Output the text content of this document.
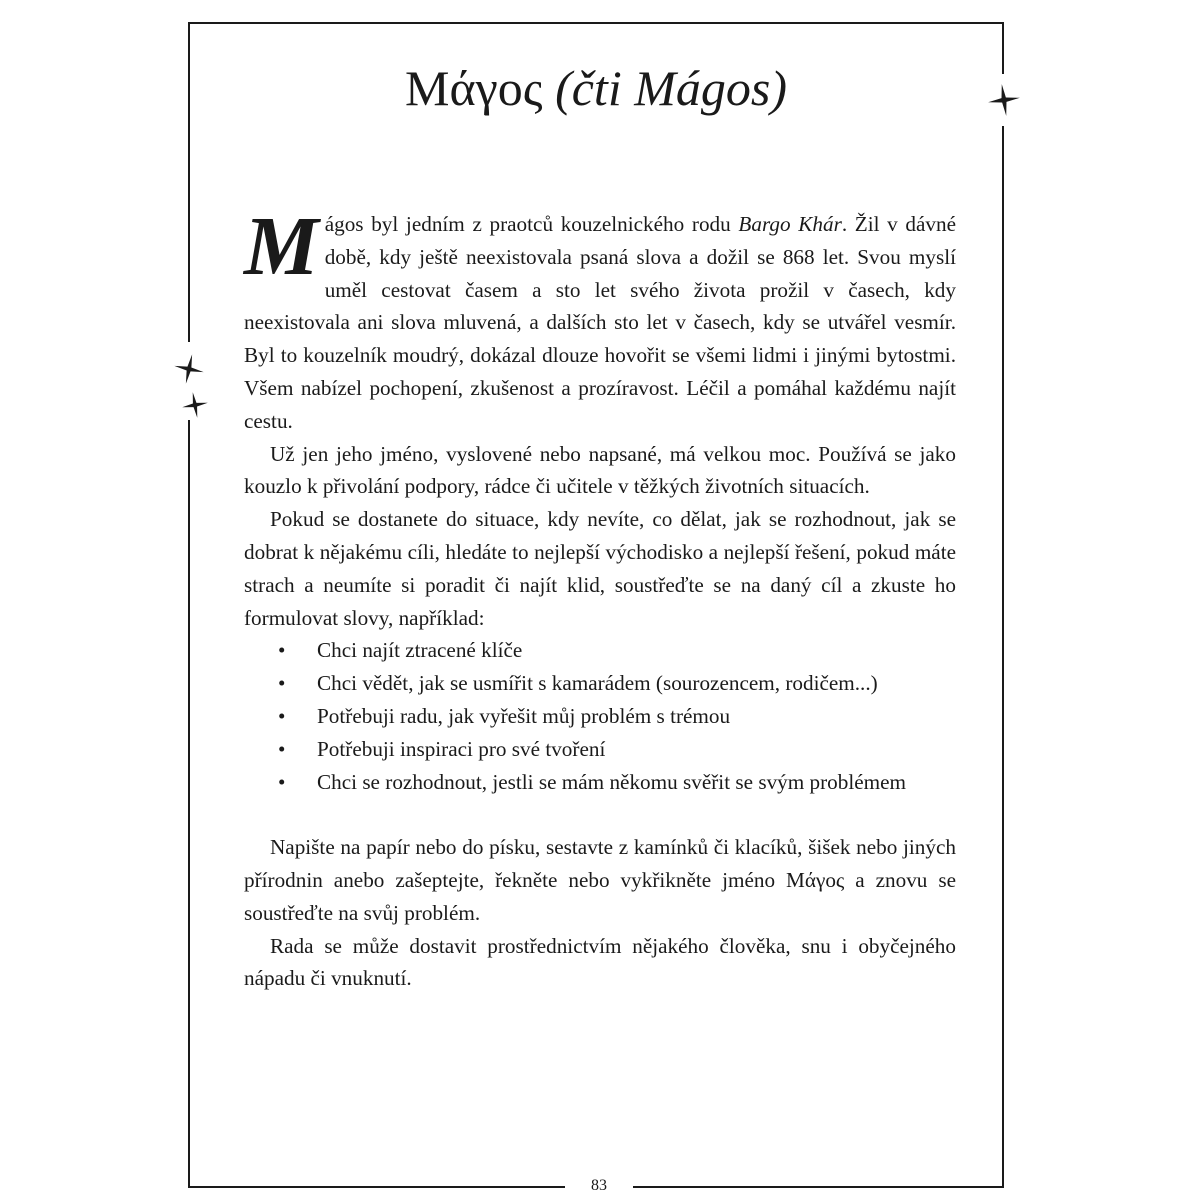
Μάγος (čti Mágos)

Mágos byl jedním z praotců kouzelnického rodu Bargo Khár. Žil v dávné době, kdy ještě neexistovala psaná slova a dožil se 868 let. Svou myslí uměl cestovat časem a sto let svého života prožil v časech, kdy neexistovala ani slova mluvená, a dalších sto let v časech, kdy se utvářel vesmír. Byl to kouzelník moudrý, dokázal dlouze hovořit se všemi lidmi i jinými bytostmi. Všem nabízel pochopení, zkušenost a prozíravost. Léčil a pomáhal každému najít cestu.

Už jen jeho jméno, vyslovené nebo napsané, má velkou moc. Používá se jako kouzlo k přivolání podpory, rádce či učitele v těžkých životních situacích.

Pokud se dostanete do situace, kdy nevíte, co dělat, jak se rozhodnout, jak se dobrat k nějakému cíli, hledáte to nejlepší východisko a nejlepší řešení, pokud máte strach a neumíte si poradit či najít klid, soustřeďte se na daný cíl a zkuste ho formulovat slovy, například:

• Chci najít ztracené klíče
• Chci vědět, jak se usmířit s kamarádem (sourozencem, rodičem...)
• Potřebuji radu, jak vyřešit můj problém s trémou
• Potřebuji inspiraci pro své tvoření
• Chci se rozhodnout, jestli se mám někomu svěřit se svým problémem

Napište na papír nebo do písku, sestavte z kamínků či klacíků, šišek nebo jiných přírodnin anebo zašeptejte, řekněte nebo vykřikněte jméno Μάγος a znovu se soustřeďte na svůj problém.

Rada se může dostavit prostřednictvím nějakého člověka, snu i obyčejného nápadu či vnuknutí.

83
